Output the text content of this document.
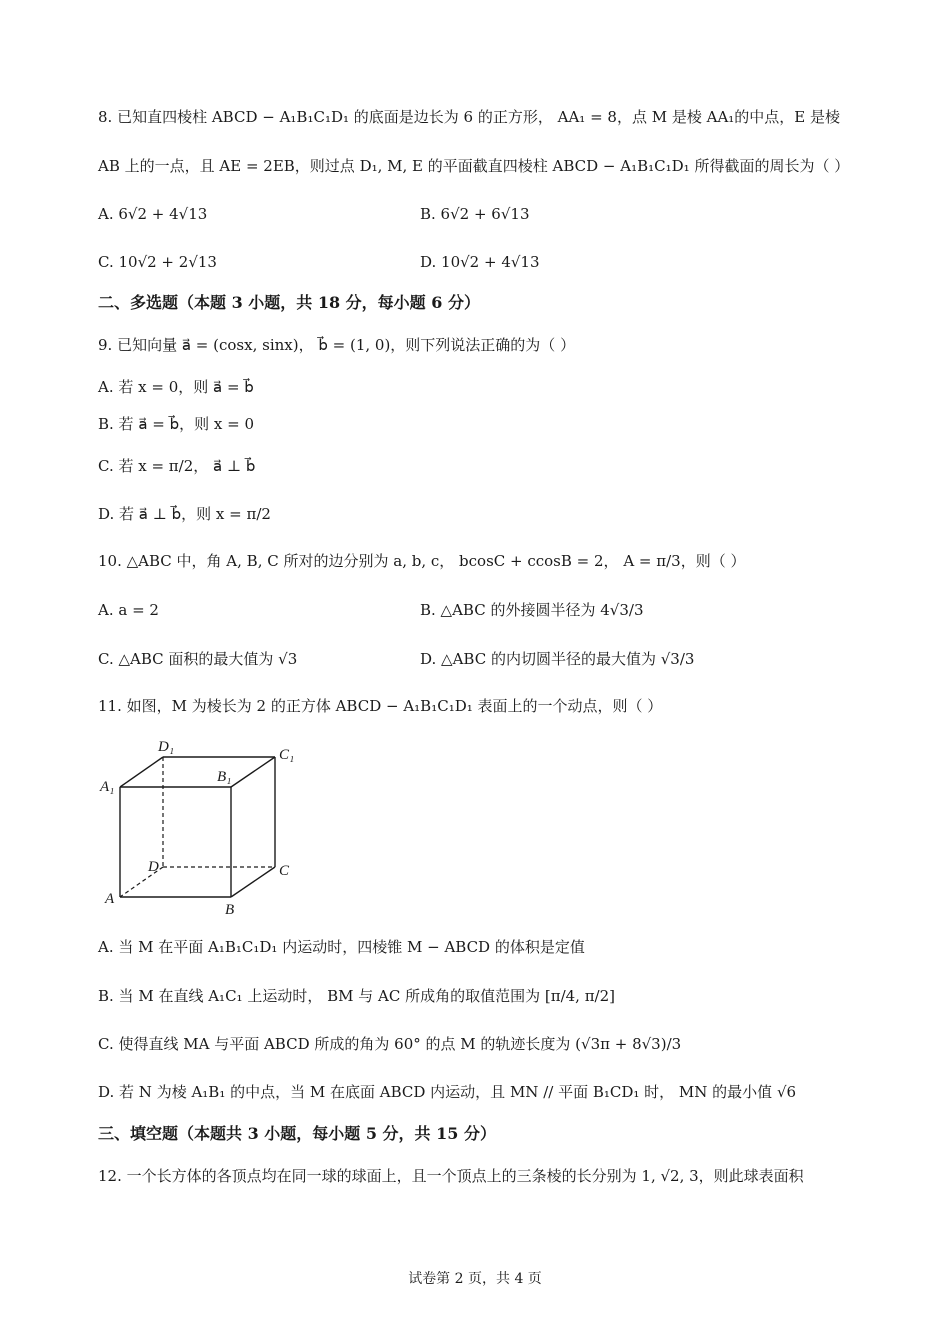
8. 已知直四棱柱 ABCD − A₁B₁C₁D₁ 的底面是边长为 6 的正方形， AA₁ = 8，点 M 是棱 AA₁的中点，E 是棱
AB 上的一点，且 AE = 2EB，则过点 D₁, M, E 的平面截直四棱柱 ABCD − A₁B₁C₁D₁ 所得截面的周长为（ ）
A. 6√2 + 4√13	B. 6√2 + 6√13
C. 10√2 + 2√13	D. 10√2 + 4√13
二、多选题（本题 3 小题，共 18 分，每小题 6 分）
9. 已知向量 a⃗ = (cosx, sinx)， b⃗ = (1, 0)，则下列说法正确的为（ ）
A. 若 x = 0，则 a⃗ = b⃗
B. 若 a⃗ = b⃗，则 x = 0
C. 若 x = π/2， a⃗ ⊥ b⃗
D. 若 a⃗ ⊥ b⃗，则 x = π/2
10. △ABC 中，角 A, B, C 所对的边分别为 a, b, c， bcosC + ccosB = 2， A = π/3，则（ ）
A. a = 2	B. △ABC 的外接圆半径为 4√3/3
C. △ABC 面积的最大值为 √3	D. △ABC 的内切圆半径的最大值为 √3/3
11. 如图，M 为棱长为 2 的正方体 ABCD − A₁B₁C₁D₁ 表面上的一个动点，则（ ）
D₁	C₁
B₁
A₁
D	C
A
B
A. 当 M 在平面 A₁B₁C₁D₁ 内运动时，四棱锥 M − ABCD 的体积是定值
B. 当 M 在直线 A₁C₁ 上运动时， BM 与 AC 所成角的取值范围为 [π/4, π/2]
C. 使得直线 MA 与平面 ABCD 所成的角为 60° 的点 M 的轨迹长度为 (√3π + 8√3)/3
D. 若 N 为棱 A₁B₁ 的中点，当 M 在底面 ABCD 内运动，且 MN // 平面 B₁CD₁ 时， MN 的最小值 √6
三、填空题（本题共 3 小题，每小题 5 分，共 15 分）
12. 一个长方体的各顶点均在同一球的球面上，且一个顶点上的三条棱的长分别为 1, √2, 3，则此球表面积
试卷第 2 页，共 4 页
